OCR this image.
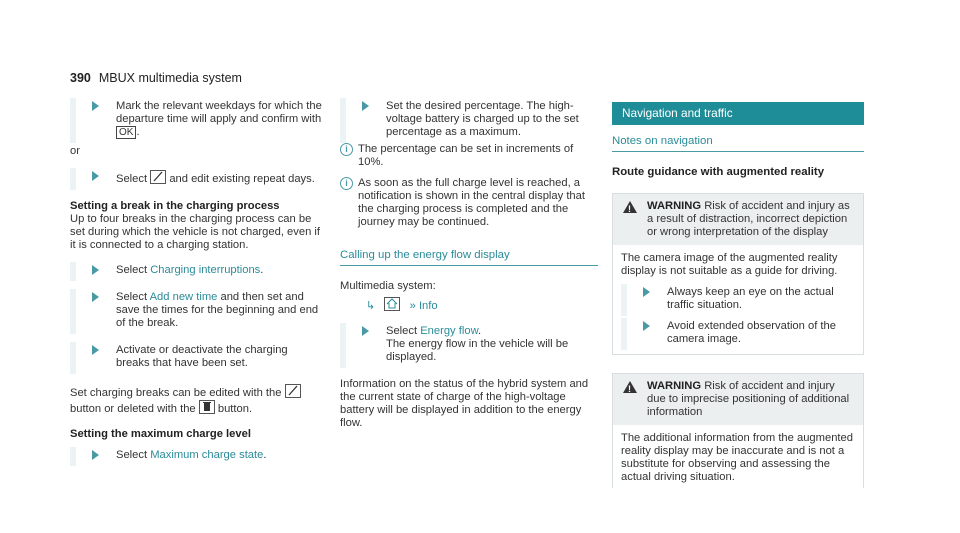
390 MBUX multimedia system
Mark the relevant weekdays for which the departure time will apply and confirm with OK .
or
Select and edit existing repeat days.
Setting a break in the charging process
Up to four breaks in the charging process can be set during which the vehicle is not charged, even if it is connected to a charging station.
Select Charging interruptions.
Select Add new time and then set and save the times for the beginning and end of the break.
Activate or deactivate the charging breaks that have been set.
Set charging breaks can be edited with the
button or deleted with the button.
Setting the maximum charge level
Select Maximum charge state.
Set the desired percentage. The high-voltage battery is charged up to the set percentage as a maximum.
i The percentage can be set in increments of 10%.
i As soon as the full charge level is reached, a notification is shown in the central display that the charging process is completed and the journey may be continued.
Calling up the energy flow display
Multimedia system:
↳	» Info
Select Energy flow.
The energy flow in the vehicle will be displayed.
Information on the status of the hybrid system and the current state of charge of the high-voltage battery will be displayed in addition to the energy flow.
Navigation and traffic
Notes on navigation
Route guidance with augmented reality
!
WARNING Risk of accident and injury as a result of distraction, incorrect depiction or wrong interpretation of the display
The camera image of the augmented reality display is not suitable as a guide for driving.
Always keep an eye on the actual traffic situation.
Avoid extended observation of the camera image.
!
WARNING Risk of accident and injury due to imprecise positioning of additional information
The additional information from the augmented reality display may be inaccurate and is not a substitute for observing and assessing the actual driving situation.
